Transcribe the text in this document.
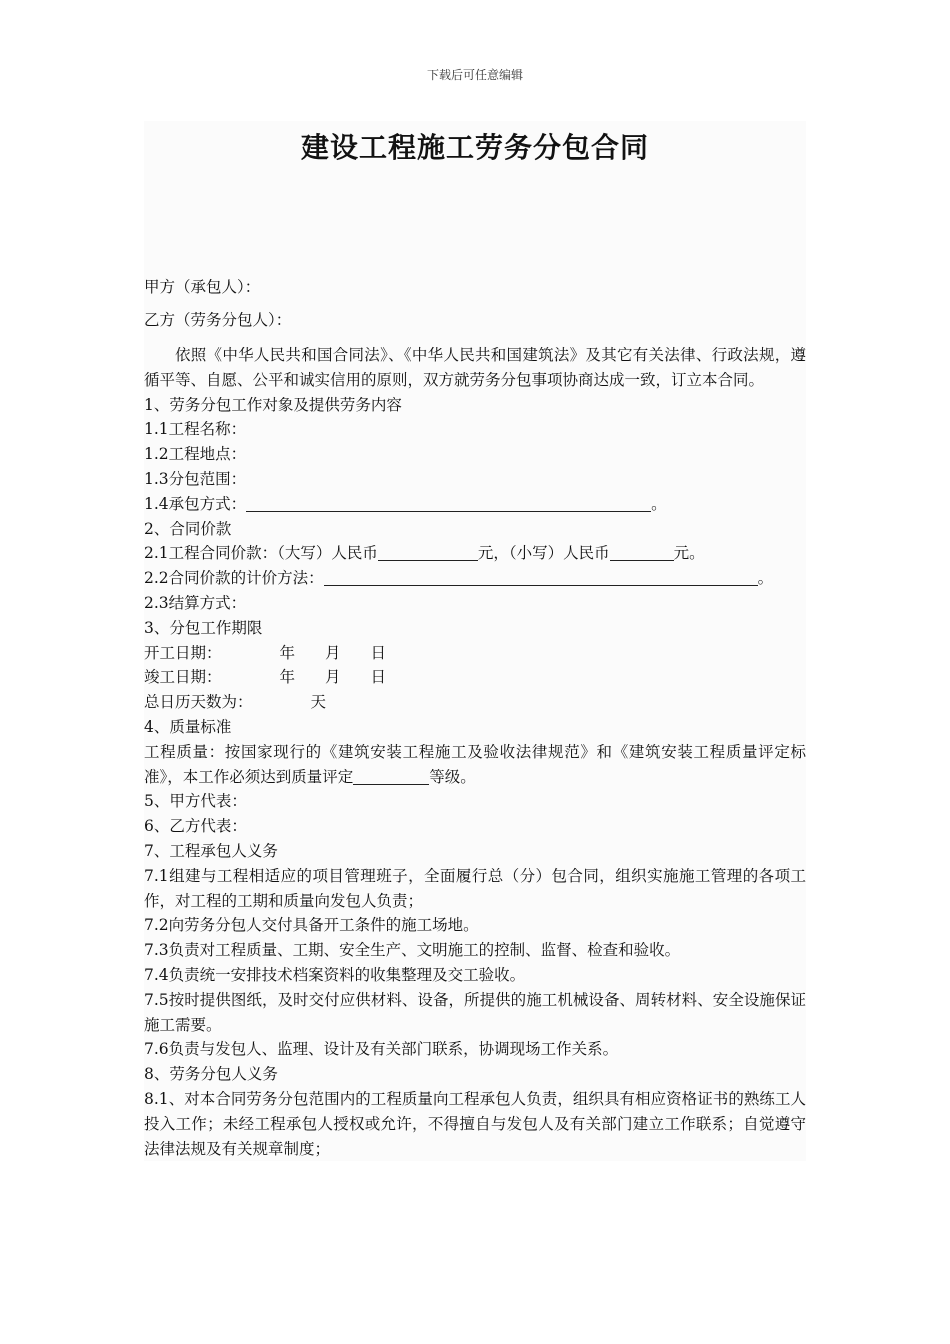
下载后可任意编辑
建设工程施工劳务分包合同
甲方（承包人）：
乙方（劳务分包人）：
依照《中华人民共和国合同法》、《中华人民共和国建筑法》及其它有关法律、行政法规，遵循平等、自愿、公平和诚实信用的原则，双方就劳务分包事项协商达成一致，订立本合同。
1、劳务分包工作对象及提供劳务内容
1.1工程名称：
1.2工程地点：
1.3分包范围：
1.4承包方式：	。
2、合同价款
2.1工程合同价款：（大写）人民币	元，（小写）人民币	元。
2.2合同价款的计价方法：	。
2.3结算方式：
3、分包工作期限
开工日期：	年 月 日
竣工日期：	年 月 日
总日历天数为：	天
4、质量标准
工程质量：按国家现行的《建筑安装工程施工及验收法律规范》和《建筑安装工程质量评定标准》，本工作必须达到质量评定	等级。
5、甲方代表：
6、乙方代表：
7、工程承包人义务
7.1组建与工程相适应的项目管理班子，全面履行总（分）包合同，组织实施施工管理的各项工作，对工程的工期和质量向发包人负责；
7.2向劳务分包人交付具备开工条件的施工场地。
7.3负责对工程质量、工期、安全生产、文明施工的控制、监督、检查和验收。
7.4负责统一安排技术档案资料的收集整理及交工验收。
7.5按时提供图纸，及时交付应供材料、设备，所提供的施工机械设备、周转材料、安全设施保证施工需要。
7.6负责与发包人、监理、设计及有关部门联系，协调现场工作关系。
8、劳务分包人义务
8.1、对本合同劳务分包范围内的工程质量向工程承包人负责，组织具有相应资格证书的熟练工人投入工作；未经工程承包人授权或允许，不得擅自与发包人及有关部门建立工作联系；自觉遵守法律法规及有关规章制度；
